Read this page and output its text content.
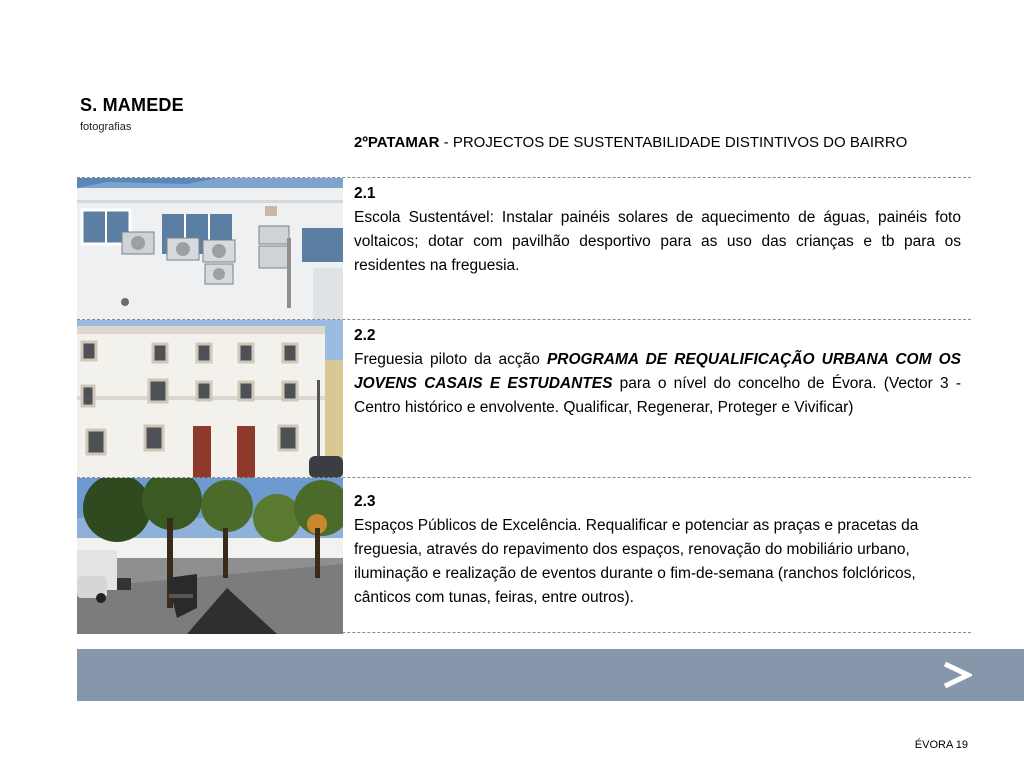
S. MAMEDE
fotografias
2ºPATAMAR - PROJECTOS DE SUSTENTABILIDADE DISTINTIVOS DO BAIRRO
2.1
Escola Sustentável: Instalar painéis solares de aquecimento de águas, painéis foto voltaicos; dotar com pavilhão desportivo para as uso das crianças e tb para os residentes na freguesia.
2.2
Freguesia piloto da acção PROGRAMA DE REQUALIFICAÇÃO URBANA COM OS JOVENS CASAIS E ESTUDANTES para o nível do concelho de Évora. (Vector 3 - Centro histórico e envolvente. Qualificar, Regenerar, Proteger e Vivificar)
2.3
Espaços Públicos de Excelência. Requalificar e potenciar as praças e pracetas da freguesia, através do repavimento dos espaços, renovação do mobiliário urbano, iluminação e realização de eventos durante o fim-de-semana (ranchos folclóricos, cânticos com tunas, feiras, entre outros).
ÉVORA 19
